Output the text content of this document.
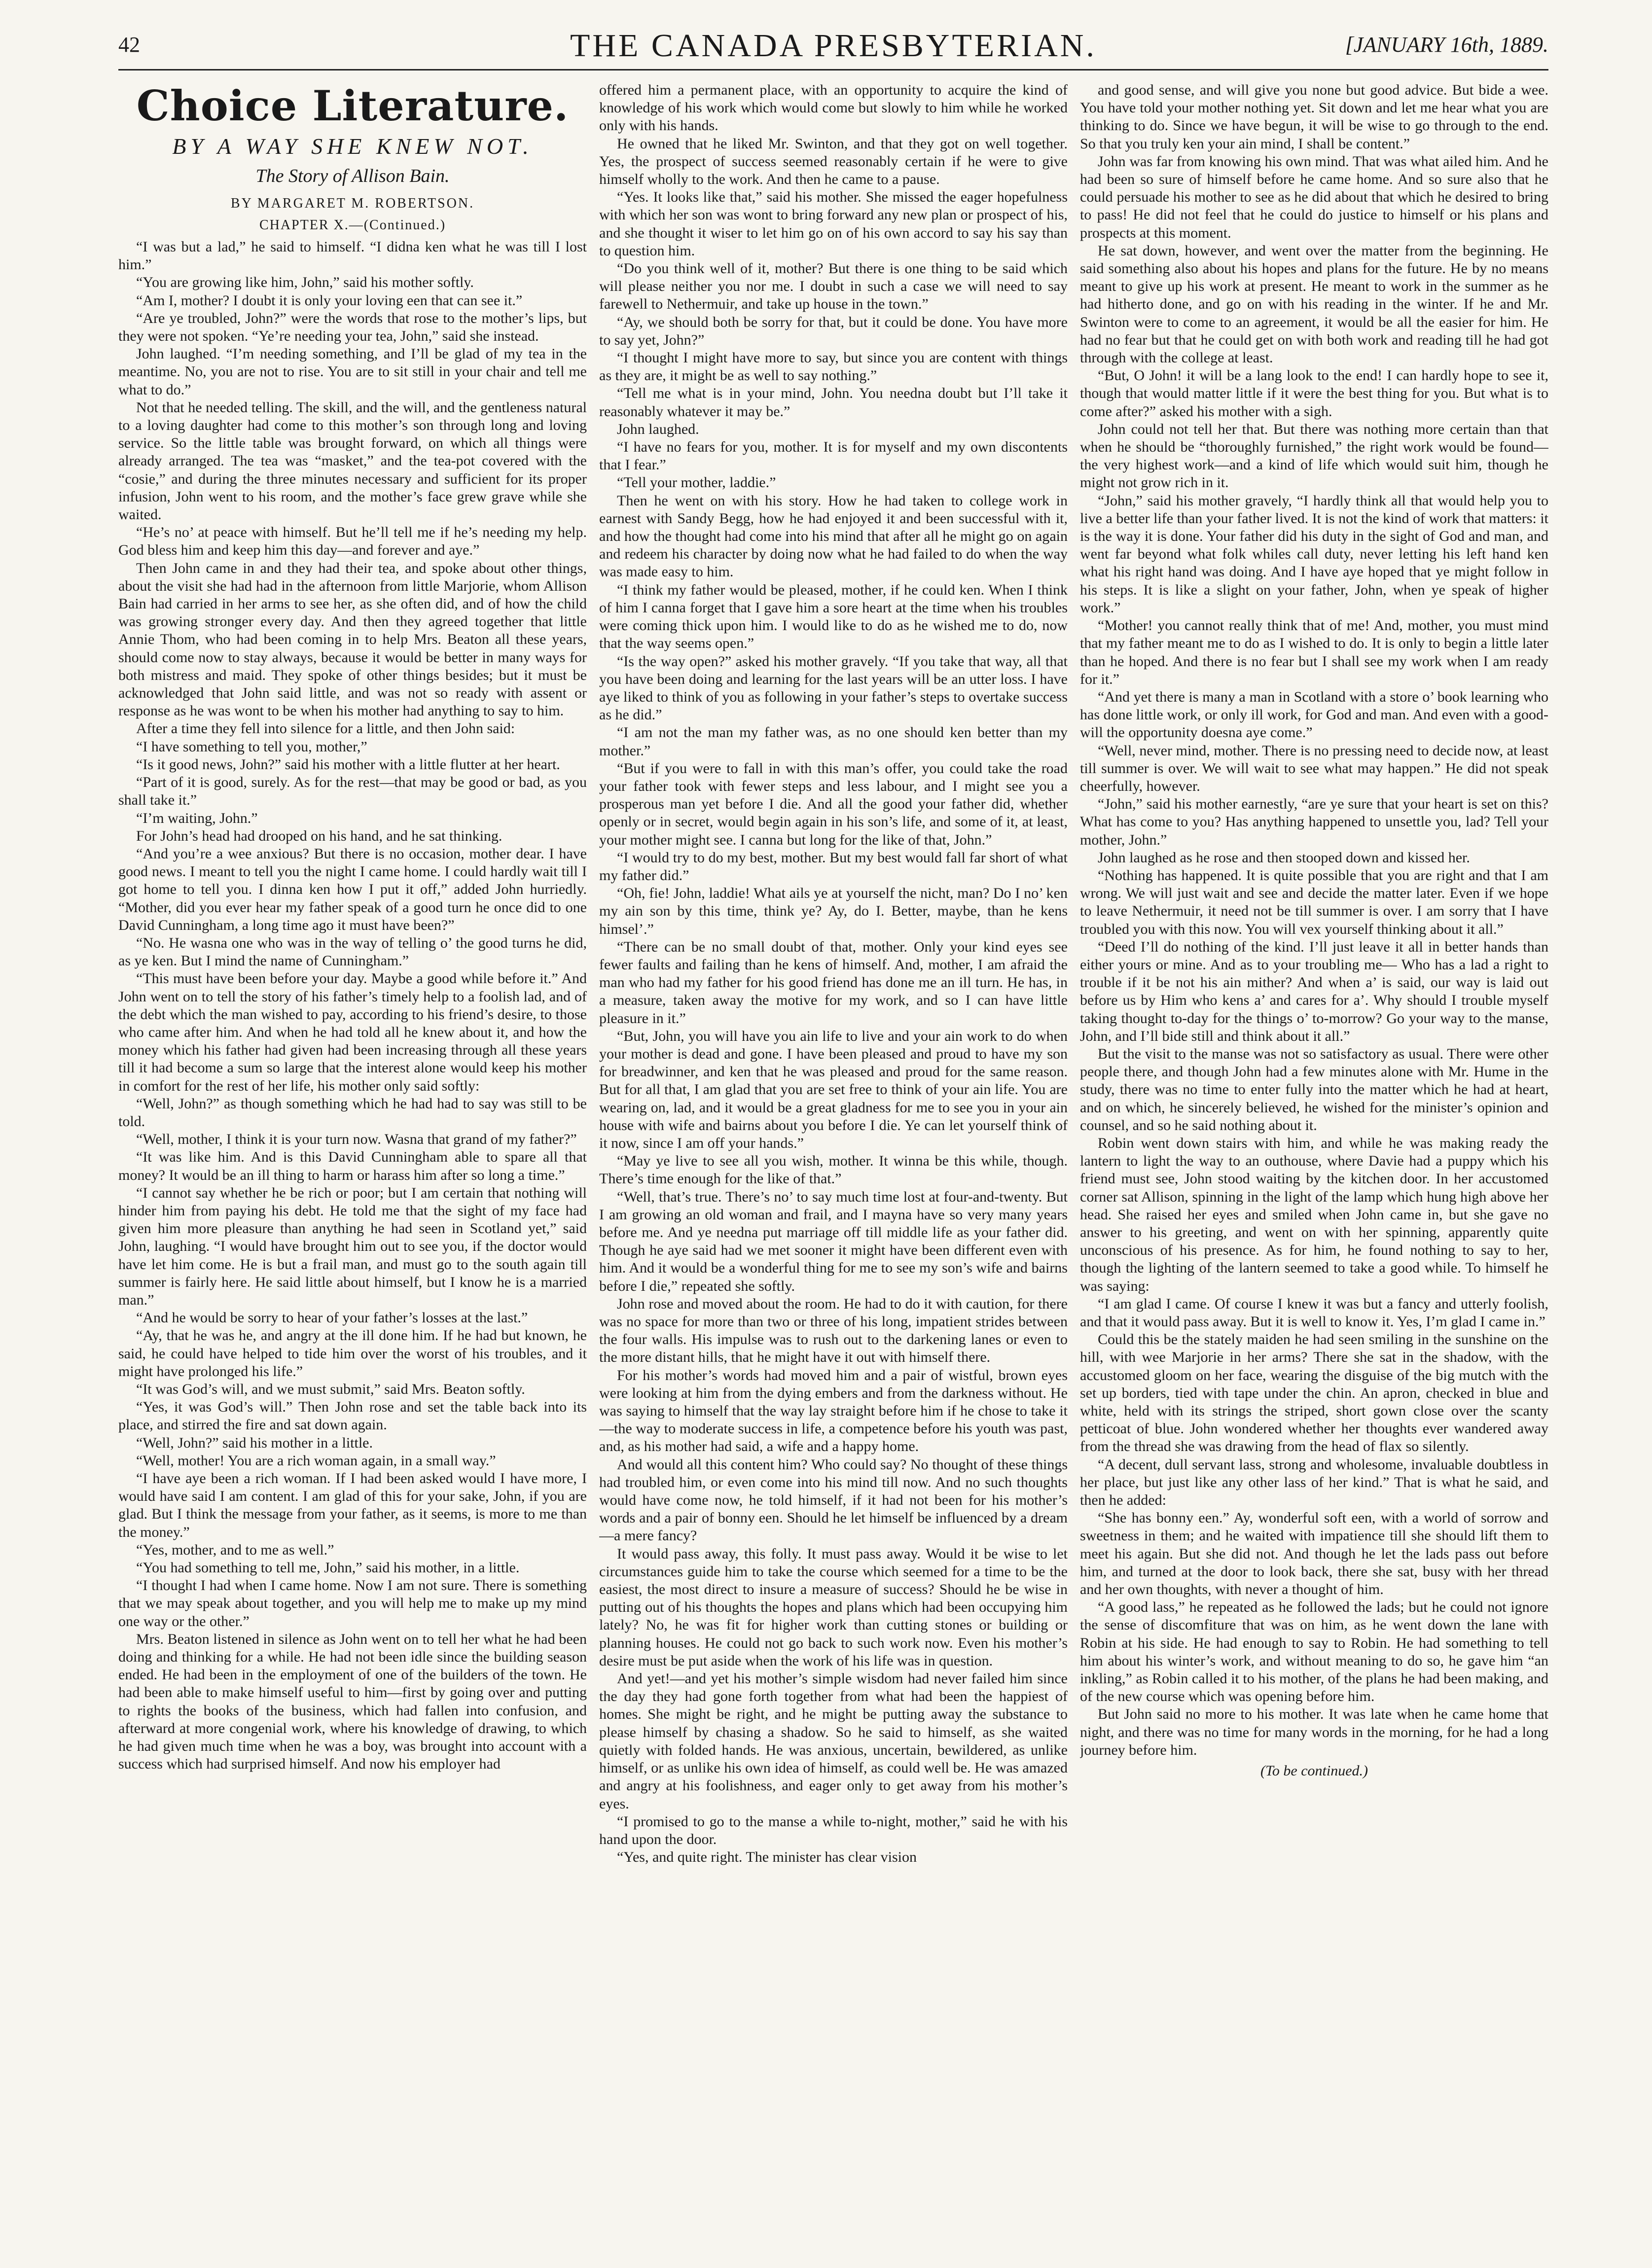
42	THE CANADA PRESBYTERIAN.	[JANUARY 16th, 1889.
Choice Literature.
BY A WAY SHE KNEW NOT.
The Story of Allison Bain.
BY MARGARET M. ROBERTSON.
CHAPTER X.—(Continued.)

“I was but a lad,” he said to himself. “I didna ken what he was till I lost him.”

“You are growing like him, John,” said his mother softly.

“Am I, mother? I doubt it is only your loving een that can see it.”

“Are ye troubled, John?” were the words that rose to the mother’s lips, but they were not spoken. “Ye’re needing your tea, John,” said she instead.

John laughed. “I’m needing something, and I’ll be glad of my tea in the meantime. No, you are not to rise. You are to sit still in your chair and tell me what to do.”

Not that he needed telling. The skill, and the will, and the gentleness natural to a loving daughter had come to this mother’s son through long and loving service. So the little table was brought forward, on which all things were already arranged. The tea was “masket,” and the tea-pot covered with the “cosie,” and during the three minutes necessary and sufficient for its proper infusion, John went to his room, and the mother’s face grew grave while she waited.

“He’s no’ at peace with himself. But he’ll tell me if he’s needing my help. God bless him and keep him this day—and forever and aye.”

Then John came in and they had their tea, and spoke about other things, about the visit she had had in the afternoon from little Marjorie, whom Allison Bain had carried in her arms to see her, as she often did, and of how the child was growing stronger every day. And then they agreed together that little Annie Thom, who had been coming in to help Mrs. Beaton all these years, should come now to stay always, because it would be better in many ways for both mistress and maid. They spoke of other things besides; but it must be acknowledged that John said little, and was not so ready with assent or response as he was wont to be when his mother had anything to say to him.

After a time they fell into silence for a little, and then John said:

“I have something to tell you, mother,”

“Is it good news, John?” said his mother with a little flutter at her heart.

“Part of it is good, surely. As for the rest—that may be good or bad, as you shall take it.”

“I’m waiting, John.”

For John’s head had drooped on his hand, and he sat thinking.

“And you’re a wee anxious? But there is no occasion, mother dear. I have good news. I meant to tell you the night I came home. I could hardly wait till I got home to tell you. I dinna ken how I put it off,” added John hurriedly. “Mother, did you ever hear my father speak of a good turn he once did to one David Cunningham, a long time ago it must have been?”

“No. He wasna one who was in the way of telling o’ the good turns he did, as ye ken. But I mind the name of Cunningham.”

“This must have been before your day. Maybe a good while before it.” And John went on to tell the story of his father’s timely help to a foolish lad, and of the debt which the man wished to pay, according to his friend’s desire, to those who came after him. And when he had told all he knew about it, and how the money which his father had given had been increasing through all these years till it had become a sum so large that the interest alone would keep his mother in comfort for the rest of her life, his mother only said softly:

“Well, John?” as though something which he had had to say was still to be told.

“Well, mother, I think it is your turn now. Wasna that grand of my father?”

“It was like him. And is this David Cunningham able to spare all that money? It would be an ill thing to harm or harass him after so long a time.”

“I cannot say whether he be rich or poor; but I am certain that nothing will hinder him from paying his debt. He told me that the sight of my face had given him more pleasure than anything he had seen in Scotland yet,” said John, laughing. “I would have brought him out to see you, if the doctor would have let him come. He is but a frail man, and must go to the south again till summer is fairly here. He said little about himself, but I know he is a married man.”

“And he would be sorry to hear of your father’s losses at the last.”

“Ay, that he was he, and angry at the ill done him. If he had but known, he said, he could have helped to tide him over the worst of his troubles, and it might have prolonged his life.”

“It was God’s will, and we must submit,” said Mrs. Beaton softly.

“Yes, it was God’s will.” Then John rose and set the table back into its place, and stirred the fire and sat down again.

“Well, John?” said his mother in a little.

“Well, mother! You are a rich woman again, in a small way.”

“I have aye been a rich woman. If I had been asked would I have more, I would have said I am content. I am glad of this for your sake, John, if you are glad. But I think the message from your father, as it seems, is more to me than the money.”

“Yes, mother, and to me as well.”

“You had something to tell me, John,” said his mother, in a little.

“I thought I had when I came home. Now I am not sure. There is something that we may speak about together, and you will help me to make up my mind one way or the other.”

Mrs. Beaton listened in silence as John went on to tell her what he had been doing and thinking for a while. He had not been idle since the building season ended. He had been in the employment of one of the builders of the town. He had been able to make himself useful to him—first by going over and putting to rights the books of the business, which had fallen into confusion, and afterward at more congenial work, where his knowledge of drawing, to which he had given much time when he was a boy, was brought into account with a success which had surprised himself. And now his employer had

offered him a permanent place, with an opportunity to acquire the kind of knowledge of his work which would come but slowly to him while he worked only with his hands.

He owned that he liked Mr. Swinton, and that they got on well together. Yes, the prospect of success seemed reasonably certain if he were to give himself wholly to the work. And then he came to a pause.

“Yes. It looks like that,” said his mother. She missed the eager hopefulness with which her son was wont to bring forward any new plan or prospect of his, and she thought it wiser to let him go on of his own accord to say his say than to question him.

“Do you think well of it, mother? But there is one thing to be said which will please neither you nor me. I doubt in such a case we will need to say farewell to Nethermuir, and take up house in the town.”

“Ay, we should both be sorry for that, but it could be done. You have more to say yet, John?”

“I thought I might have more to say, but since you are content with things as they are, it might be as well to say nothing.”

“Tell me what is in your mind, John. You needna doubt but I’ll take it reasonably whatever it may be.”

John laughed.

“I have no fears for you, mother. It is for myself and my own discontents that I fear.”

“Tell your mother, laddie.”

Then he went on with his story. How he had taken to college work in earnest with Sandy Begg, how he had enjoyed it and been successful with it, and how the thought had come into his mind that after all he might go on again and redeem his character by doing now what he had failed to do when the way was made easy to him.

“I think my father would be pleased, mother, if he could ken. When I think of him I canna forget that I gave him a sore heart at the time when his troubles were coming thick upon him. I would like to do as he wished me to do, now that the way seems open.”

“Is the way open?” asked his mother gravely. “If you take that way, all that you have been doing and learning for the last years will be an utter loss. I have aye liked to think of you as following in your father’s steps to overtake success as he did.”

“I am not the man my father was, as no one should ken better than my mother.”

“But if you were to fall in with this man’s offer, you could take the road your father took with fewer steps and less labour, and I might see you a prosperous man yet before I die. And all the good your father did, whether openly or in secret, would begin again in his son’s life, and some of it, at least, your mother might see. I canna but long for the like of that, John.”

“I would try to do my best, mother. But my best would fall far short of what my father did.”

“Oh, fie! John, laddie! What ails ye at yourself the nicht, man? Do I no’ ken my ain son by this time, think ye? Ay, do I. Better, maybe, than he kens himsel’.”

“There can be no small doubt of that, mother. Only your kind eyes see fewer faults and failing than he kens of himself. And, mother, I am afraid the man who had my father for his good friend has done me an ill turn. He has, in a measure, taken away the motive for my work, and so I can have little pleasure in it.”

“But, John, you will have you ain life to live and your ain work to do when your mother is dead and gone. I have been pleased and proud to have my son for breadwinner, and ken that he was pleased and proud for the same reason. But for all that, I am glad that you are set free to think of your ain life. You are wearing on, lad, and it would be a great gladness for me to see you in your ain house with wife and bairns about you before I die. Ye can let yourself think of it now, since I am off your hands.”

“May ye live to see all you wish, mother. It winna be this while, though. There’s time enough for the like of that.”

“Well, that’s true. There’s no’ to say much time lost at four-and-twenty. But I am growing an old woman and frail, and I mayna have so very many years before me. And ye needna put marriage off till middle life as your father did. Though he aye said had we met sooner it might have been different even with him. And it would be a wonderful thing for me to see my son’s wife and bairns before I die,” repeated she softly.

John rose and moved about the room. He had to do it with caution, for there was no space for more than two or three of his long, impatient strides between the four walls. His impulse was to rush out to the darkening lanes or even to the more distant hills, that he might have it out with himself there.

For his mother’s words had moved him and a pair of wistful, brown eyes were looking at him from the dying embers and from the darkness without. He was saying to himself that the way lay straight before him if he chose to take it—the way to moderate success in life, a competence before his youth was past, and, as his mother had said, a wife and a happy home.

And would all this content him? Who could say? No thought of these things had troubled him, or even come into his mind till now. And no such thoughts would have come now, he told himself, if it had not been for his mother’s words and a pair of bonny een. Should he let himself be influenced by a dream—a mere fancy?

It would pass away, this folly. It must pass away. Would it be wise to let circumstances guide him to take the course which seemed for a time to be the easiest, the most direct to insure a measure of success? Should he be wise in putting out of his thoughts the hopes and plans which had been occupying him lately? No, he was fit for higher work than cutting stones or building or planning houses. He could not go back to such work now. Even his mother’s desire must be put aside when the work of his life was in question.

And yet!—and yet his mother’s simple wisdom had never failed him since the day they had gone forth together from what had been the happiest of homes. She might be right, and he might be putting away the substance to please himself by chasing a shadow. So he said to himself, as she waited quietly with folded hands. He was anxious, uncertain, bewildered, as unlike himself, or as unlike his own idea of himself, as could well be. He was amazed and angry at his foolishness, and eager only to get away from his mother’s eyes.

“I promised to go to the manse a while to-night, mother,” said he with his hand upon the door.

“Yes, and quite right. The minister has clear vision

and good sense, and will give you none but good advice. But bide a wee. You have told your mother nothing yet. Sit down and let me hear what you are thinking to do. Since we have begun, it will be wise to go through to the end. So that you truly ken your ain mind, I shall be content.”

John was far from knowing his own mind. That was what ailed him. And he had been so sure of himself before he came home. And so sure also that he could persuade his mother to see as he did about that which he desired to bring to pass! He did not feel that he could do justice to himself or his plans and prospects at this moment.

He sat down, however, and went over the matter from the beginning. He said something also about his hopes and plans for the future. He by no means meant to give up his work at present. He meant to work in the summer as he had hitherto done, and go on with his reading in the winter. If he and Mr. Swinton were to come to an agreement, it would be all the easier for him. He had no fear but that he could get on with both work and reading till he had got through with the college at least.

“But, O John! it will be a lang look to the end! I can hardly hope to see it, though that would matter little if it were the best thing for you. But what is to come after?” asked his mother with a sigh.

John could not tell her that. But there was nothing more certain than that when he should be “thoroughly furnished,” the right work would be found—the very highest work—and a kind of life which would suit him, though he might not grow rich in it.

“John,” said his mother gravely, “I hardly think all that would help you to live a better life than your father lived. It is not the kind of work that matters: it is the way it is done. Your father did his duty in the sight of God and man, and went far beyond what folk whiles call duty, never letting his left hand ken what his right hand was doing. And I have aye hoped that ye might follow in his steps. It is like a slight on your father, John, when ye speak of higher work.”

“Mother! you cannot really think that of me! And, mother, you must mind that my father meant me to do as I wished to do. It is only to begin a little later than he hoped. And there is no fear but I shall see my work when I am ready for it.”

“And yet there is many a man in Scotland with a store o’ book learning who has done little work, or only ill work, for God and man. And even with a good-will the opportunity doesna aye come.”

“Well, never mind, mother. There is no pressing need to decide now, at least till summer is over. We will wait to see what may happen.” He did not speak cheerfully, however.

“John,” said his mother earnestly, “are ye sure that your heart is set on this? What has come to you? Has anything happened to unsettle you, lad? Tell your mother, John.”

John laughed as he rose and then stooped down and kissed her.

“Nothing has happened. It is quite possible that you are right and that I am wrong. We will just wait and see and decide the matter later. Even if we hope to leave Nethermuir, it need not be till summer is over. I am sorry that I have troubled you with this now. You will vex yourself thinking about it all.”

“Deed I’ll do nothing of the kind. I’ll just leave it all in better hands than either yours or mine. And as to your troubling me— Who has a lad a right to trouble if it be not his ain mither? And when a’ is said, our way is laid out before us by Him who kens a’ and cares for a’. Why should I trouble myself taking thought to-day for the things o’ to-morrow? Go your way to the manse, John, and I’ll bide still and think about it all.”

But the visit to the manse was not so satisfactory as usual. There were other people there, and though John had a few minutes alone with Mr. Hume in the study, there was no time to enter fully into the matter which he had at heart, and on which, he sincerely believed, he wished for the minister’s opinion and counsel, and so he said nothing about it.

Robin went down stairs with him, and while he was making ready the lantern to light the way to an outhouse, where Davie had a puppy which his friend must see, John stood waiting by the kitchen door. In her accustomed corner sat Allison, spinning in the light of the lamp which hung high above her head. She raised her eyes and smiled when John came in, but she gave no answer to his greeting, and went on with her spinning, apparently quite unconscious of his presence. As for him, he found nothing to say to her, though the lighting of the lantern seemed to take a good while. To himself he was saying:

“I am glad I came. Of course I knew it was but a fancy and utterly foolish, and that it would pass away. But it is well to know it. Yes, I’m glad I came in.”

Could this be the stately maiden he had seen smiling in the sunshine on the hill, with wee Marjorie in her arms? There she sat in the shadow, with the accustomed gloom on her face, wearing the disguise of the big mutch with the set up borders, tied with tape under the chin. An apron, checked in blue and white, held with its strings the striped, short gown close over the scanty petticoat of blue. John wondered whether her thoughts ever wandered away from the thread she was drawing from the head of flax so silently.

“A decent, dull servant lass, strong and wholesome, invaluable doubtless in her place, but just like any other lass of her kind.” That is what he said, and then he added:

“She has bonny een.” Ay, wonderful soft een, with a world of sorrow and sweetness in them; and he waited with impatience till she should lift them to meet his again. But she did not. And though he let the lads pass out before him, and turned at the door to look back, there she sat, busy with her thread and her own thoughts, with never a thought of him.

“A good lass,” he repeated as he followed the lads; but he could not ignore the sense of discomfiture that was on him, as he went down the lane with Robin at his side. He had enough to say to Robin. He had something to tell him about his winter’s work, and without meaning to do so, he gave him “an inkling,” as Robin called it to his mother, of the plans he had been making, and of the new course which was opening before him.

But John said no more to his mother. It was late when he came home that night, and there was no time for many words in the morning, for he had a long journey before him.

(To be continued.)
